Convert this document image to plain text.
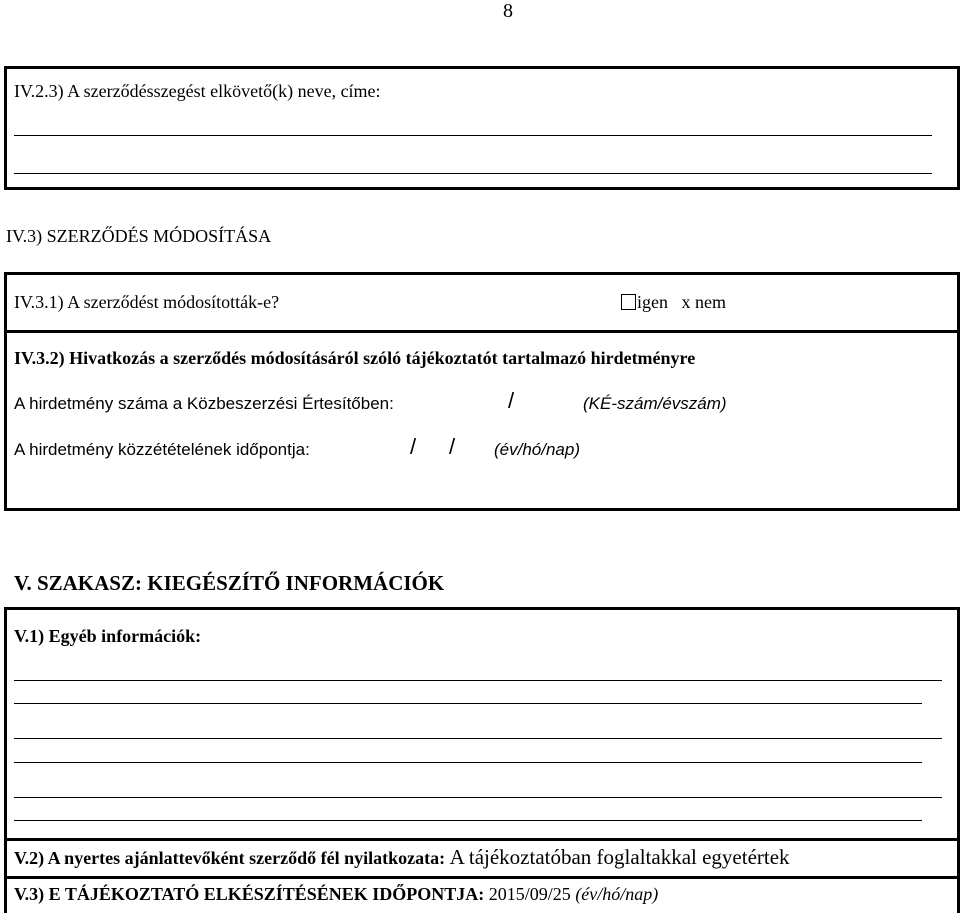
8
IV.2.3) A szerződésszegést elkövető(k) neve, címe:
IV.3) SZERZŐDÉS MÓDOSÍTÁSA
IV.3.1) A szerződést módosították-e?	igen x nem
IV.3.2) Hivatkozás a szerződés módosításáról szóló tájékoztatót tartalmazó hirdetményre
A hirdetmény száma a Közbeszerzési Értesítőben:	/	(KÉ-szám/évszám)
A hirdetmény közzétételének időpontja:	/ / (év/hó/nap)
V. SZAKASZ: KIEGÉSZÍTŐ INFORMÁCIÓK
V.1) Egyéb információk:
V.2) A nyertes ajánlattevőként szerződő fél nyilatkozata: A tájékoztatóban foglaltakkal egyetértek
V.3) E TÁJÉKOZTATÓ ELKÉSZÍTÉSÉNEK IDŐPONTJA: 2015/09/25 (év/hó/nap)
